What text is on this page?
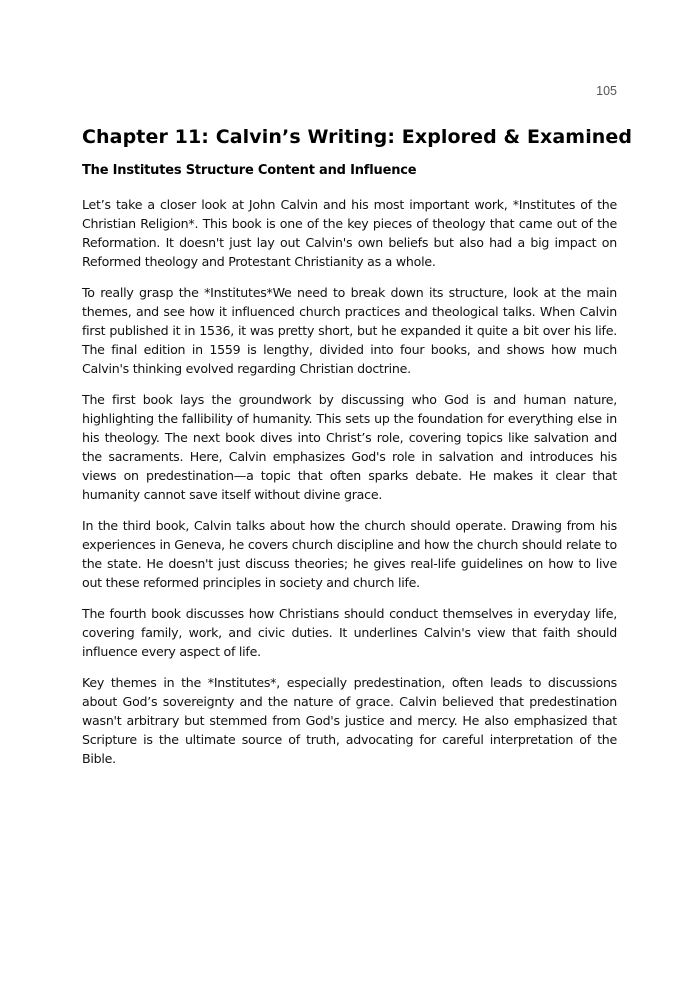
105
Chapter 11: Calvin’s Writing: Explored & Examined
The Institutes Structure Content and Influence

Let’s take a closer look at John Calvin and his most important work, *Institutes of the Christian Religion*. This book is one of the key pieces of theology that came out of the Reformation. It doesn't just lay out Calvin's own beliefs but also had a big impact on Reformed theology and Protestant Christianity as a whole.

To really grasp the *Institutes*We need to break down its structure, look at the main themes, and see how it influenced church practices and theological talks. When Calvin first published it in 1536, it was pretty short, but he expanded it quite a bit over his life. The final edition in 1559 is lengthy, divided into four books, and shows how much Calvin's thinking evolved regarding Christian doctrine.

The first book lays the groundwork by discussing who God is and human nature, highlighting the fallibility of humanity. This sets up the foundation for everything else in his theology. The next book dives into Christ’s role, covering topics like salvation and the sacraments. Here, Calvin emphasizes God's role in salvation and introduces his views on predestination—a topic that often sparks debate. He makes it clear that humanity cannot save itself without divine grace.

In the third book, Calvin talks about how the church should operate. Drawing from his experiences in Geneva, he covers church discipline and how the church should relate to the state. He doesn't just discuss theories; he gives real-life guidelines on how to live out these reformed principles in society and church life.

The fourth book discusses how Christians should conduct themselves in everyday life, covering family, work, and civic duties. It underlines Calvin's view that faith should influence every aspect of life.

Key themes in the *Institutes*, especially predestination, often leads to discussions about God’s sovereignty and the nature of grace. Calvin believed that predestination wasn't arbitrary but stemmed from God's justice and mercy. He also emphasized that Scripture is the ultimate source of truth, advocating for careful interpretation of the Bible.
